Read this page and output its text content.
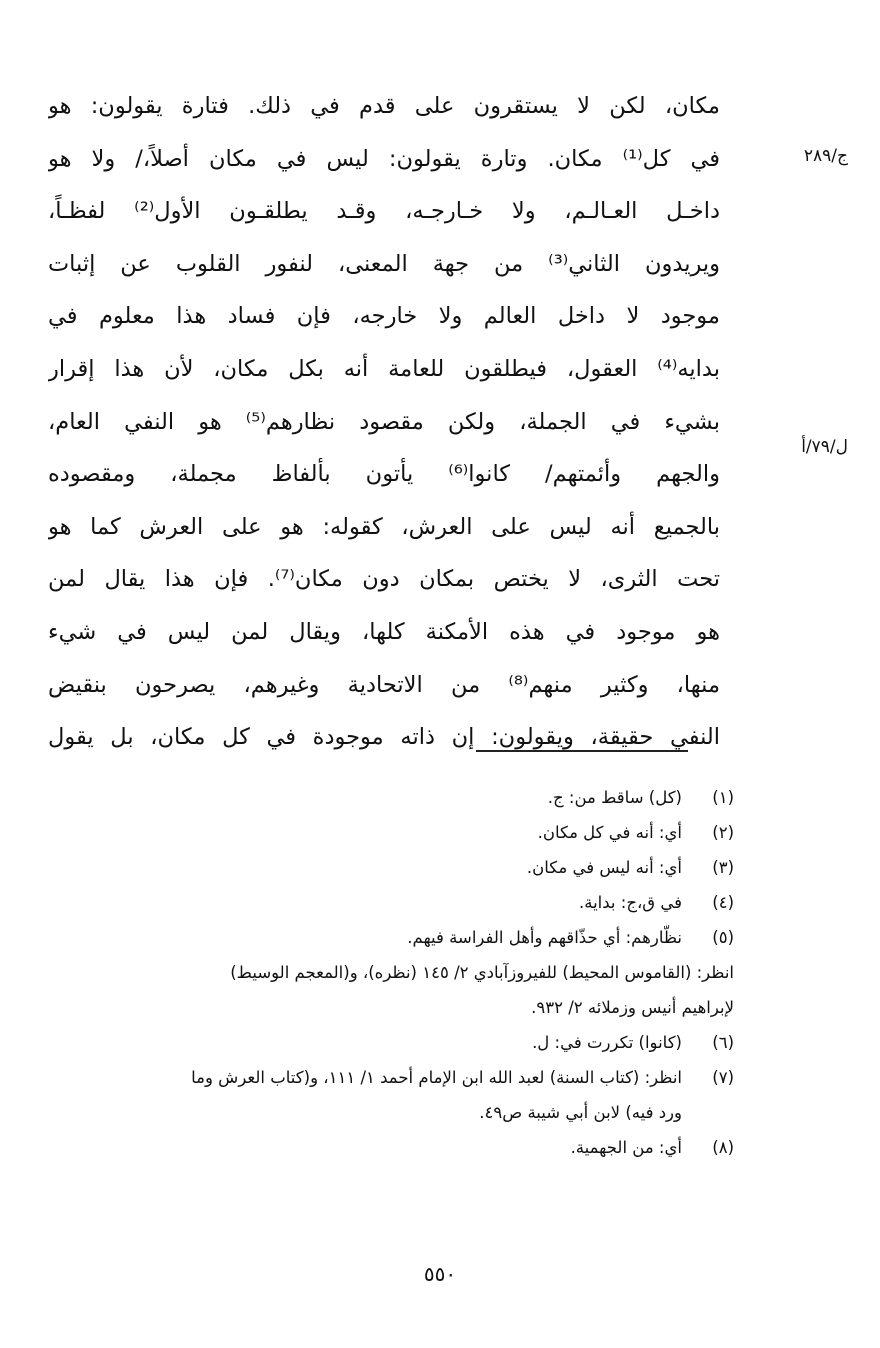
ج/٢٨٩
ل/٧٩/أ
مكان، لكن لا يستقرون على قدم في ذلك. فتارة يقولون: هو
في كل⁽¹⁾ مكان. وتارة يقولون: ليس في مكان أصلاً،/ ولا هو
داخـل العـالـم، ولا خـارجـه، وقـد يطلقـون الأول⁽²⁾ لفظـاً،
ويريدون الثاني⁽³⁾ من جهة المعنى، لنفور القلوب عن إثبات
موجود لا داخل العالم ولا خارجه، فإن فساد هذا معلوم في
بدايه⁽⁴⁾ العقول، فيطلقون للعامة أنه بكل مكان، لأن هذا إقرار
بشيء في الجملة، ولكن مقصود نظارهم⁽⁵⁾ هو النفي العام،
والجهم وأئمتهم/ كانوا⁽⁶⁾ يأتون بألفاظ مجملة، ومقصوده
بالجميع أنه ليس على العرش، كقوله: هو على العرش كما هو
تحت الثرى، لا يختص بمكان دون مكان⁽⁷⁾. فإن هذا يقال لمن
هو موجود في هذه الأمكنة كلها، ويقال لمن ليس في شيء
منها، وكثير منهم⁽⁸⁾ من الاتحادية وغيرهم، يصرحون بنقيض
النفي حقيقة، ويقولون: إن ذاته موجودة في كل مكان، بل يقول
(١)
(كل) ساقط من: ج.
(٢)
أي: أنه في كل مكان.
(٣)
أي: أنه ليس في مكان.
(٤)
في ق،ج: بداية.
(٥)
نظّارهم: أي حذّاقهم وأهل الفراسة فيهم.
انظر: (القاموس المحيط) للفيروزآبادي ٢/ ١٤٥ (نظره)، و(المعجم الوسيط)
لإبراهيم أنيس وزملائه ٢/ ٩٣٢.
(٦)
(كانوا) تكررت في: ل.
(٧)
انظر: (كتاب السنة) لعبد الله ابن الإمام أحمد ١/ ١١١، و(كتاب العرش وما
ورد فيه) لابن أبي شيبة ص٤٩.
(٨)
أي: من الجهمية.
٥٥٠
